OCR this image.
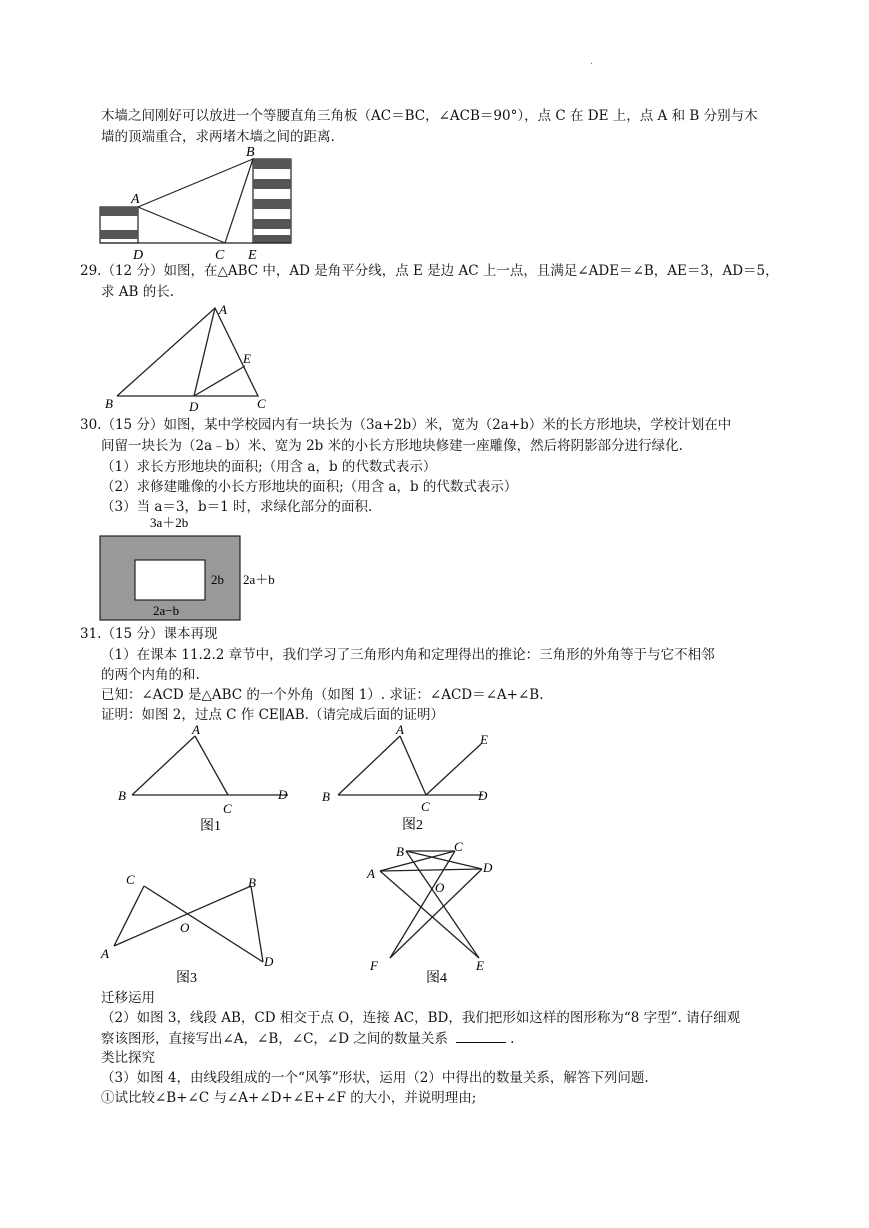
.
木墙之间刚好可以放进一个等腰直角三角板（AC＝BC，∠ACB＝90°），点 C 在 DE 上，点 A 和 B 分别与木
墙的顶端重合，求两堵木墙之间的距离.
A
B
C
D	E
29.（12 分）如图，在△ABC 中，AD 是角平分线，点 E 是边 AC 上一点，且满足∠ADE＝∠B，AE＝3，AD＝5，
求 AB 的长.
A
B	C
D
E
30.（15 分）如图，某中学校园内有一块长为（3a+2b）米，宽为（2a+b）米的长方形地块，学校计划在中
间留一块长为（2a﹣b）米、宽为 2b 米的小长方形地块修建一座雕像，然后将阴影部分进行绿化.
（1）求长方形地块的面积;（用含 a，b 的代数式表示）
（2）求修建雕像的小长方形地块的面积;（用含 a，b 的代数式表示）
（3）当 a＝3，b＝1 时，求绿化部分的面积.
3a＋2b
2b 2a＋b
2a−b
31.（15 分）课本再现
（1）在课本 11.2.2 章节中，我们学习了三角形内角和定理得出的推论：三角形的外角等于与它不相邻
的两个内角的和.
已知：∠ACD 是△ABC 的一个外角（如图 1）. 求证：∠ACD＝∠A+∠B.
证明：如图 2，过点 C 作 CE∥AB.（请完成后面的证明）
A
B
C
D
图1
A
B
C
D
E
图2
C	B
A
O
D
图3
B	C
A	D
O
F	E
图4
迁移运用
（2）如图 3，线段 AB，CD 相交于点 O，连接 AC，BD，我们把形如这样的图形称为“8 字型”. 请仔细观
察该图形，直接写出∠A，∠B，∠C，∠D 之间的数量关系	.
类比探究
（3）如图 4，由线段组成的一个“风筝”形状，运用（2）中得出的数量关系，解答下列问题.
①试比较∠B+∠C 与∠A+∠D+∠E+∠F 的大小，并说明理由;
